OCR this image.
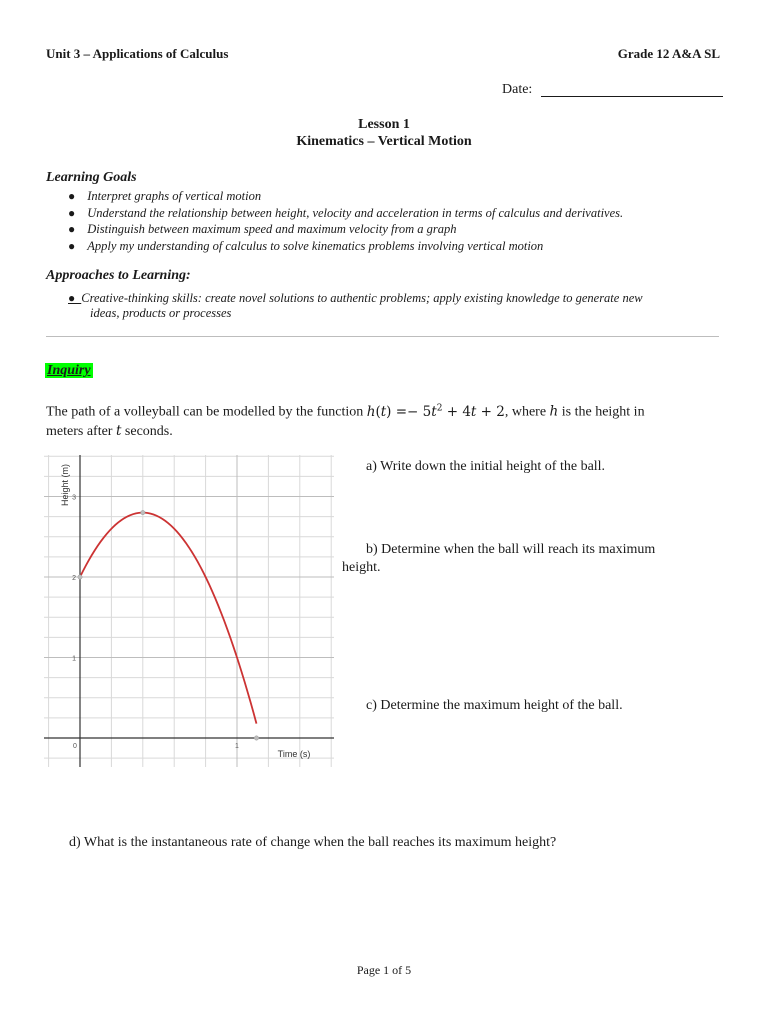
Unit 3 – Applications of Calculus	Grade 12 A&A SL
Date:
Lesson 1
Kinematics – Vertical Motion
Learning Goals
● Interpret graphs of vertical motion
● Understand the relationship between height, velocity and acceleration in terms of calculus and derivatives.
● Distinguish between maximum speed and maximum velocity from a graph
● Apply my understanding of calculus to solve kinematics problems involving vertical motion
Approaches to Learning:
●  Creative-thinking skills: create novel solutions to authentic problems; apply existing knowledge to generate new
ideas, products or processes
Inquiry
The path of a volleyball can be modelled by the function $h(t) =- 5t^2 + 4t + 2$, where h is the height in
meters after t seconds.
1
2
3
0	1
Time (s)
Height (m)	a) Write down the initial height of the ball.
b) Determine when the ball will reach its maximum
height.
c) Determine the maximum height of the ball.
d) What is the instantaneous rate of change when the ball reaches its maximum height?
Page 1 of 5
